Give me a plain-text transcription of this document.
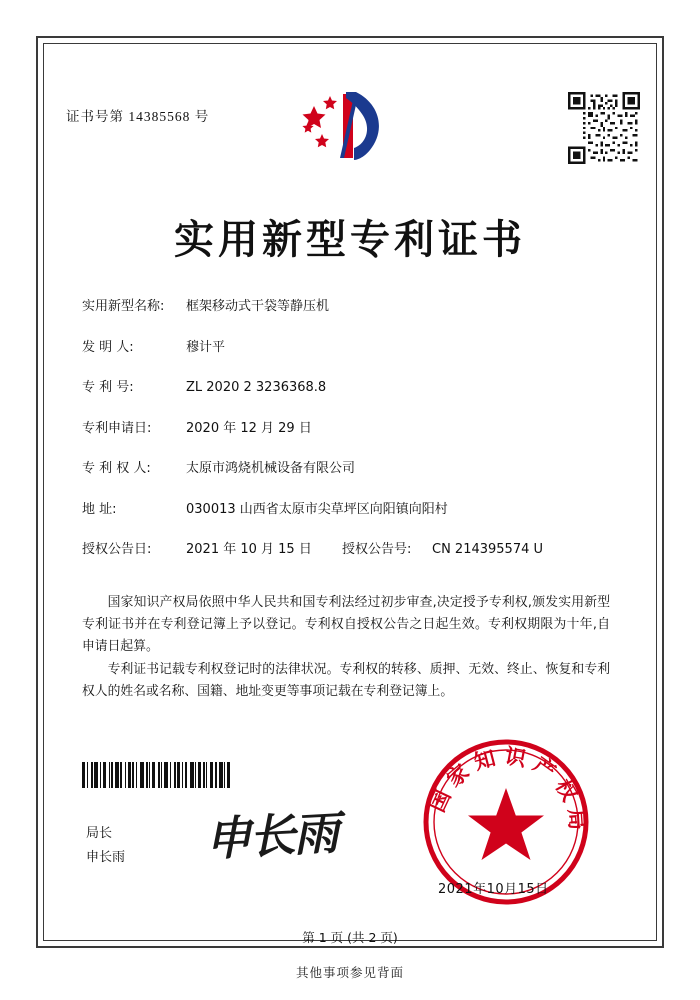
证书号第 14385568 号
实用新型专利证书
实用新型名称:	框架移动式干袋等静压机
发 明 人:	穆计平
专 利 号:	ZL 2020 2 3236368.8
专利申请日:	2020 年 12 月 29 日
专 利 权 人:	太原市鸿烧机械设备有限公司
地 址:	030013 山西省太原市尖草坪区向阳镇向阳村
授权公告日:	2021 年 10 月 15 日 授权公告号:	CN 214395574 U

国家知识产权局依照中华人民共和国专利法经过初步审查,决定授予专利权,颁发实用新型专利证书并在专利登记簿上予以登记。专利权自授权公告之日起生效。专利权期限为十年,自申请日起算。

专利证书记载专利权登记时的法律状况。专利权的转移、质押、无效、终止、恢复和专利权人的姓名或名称、国籍、地址变更等事项记载在专利登记簿上。

国家知识产权局
2021年10月15日
局长
申长雨 申长雨
第 1 页 (共 2 页)
其他事项参见背面
